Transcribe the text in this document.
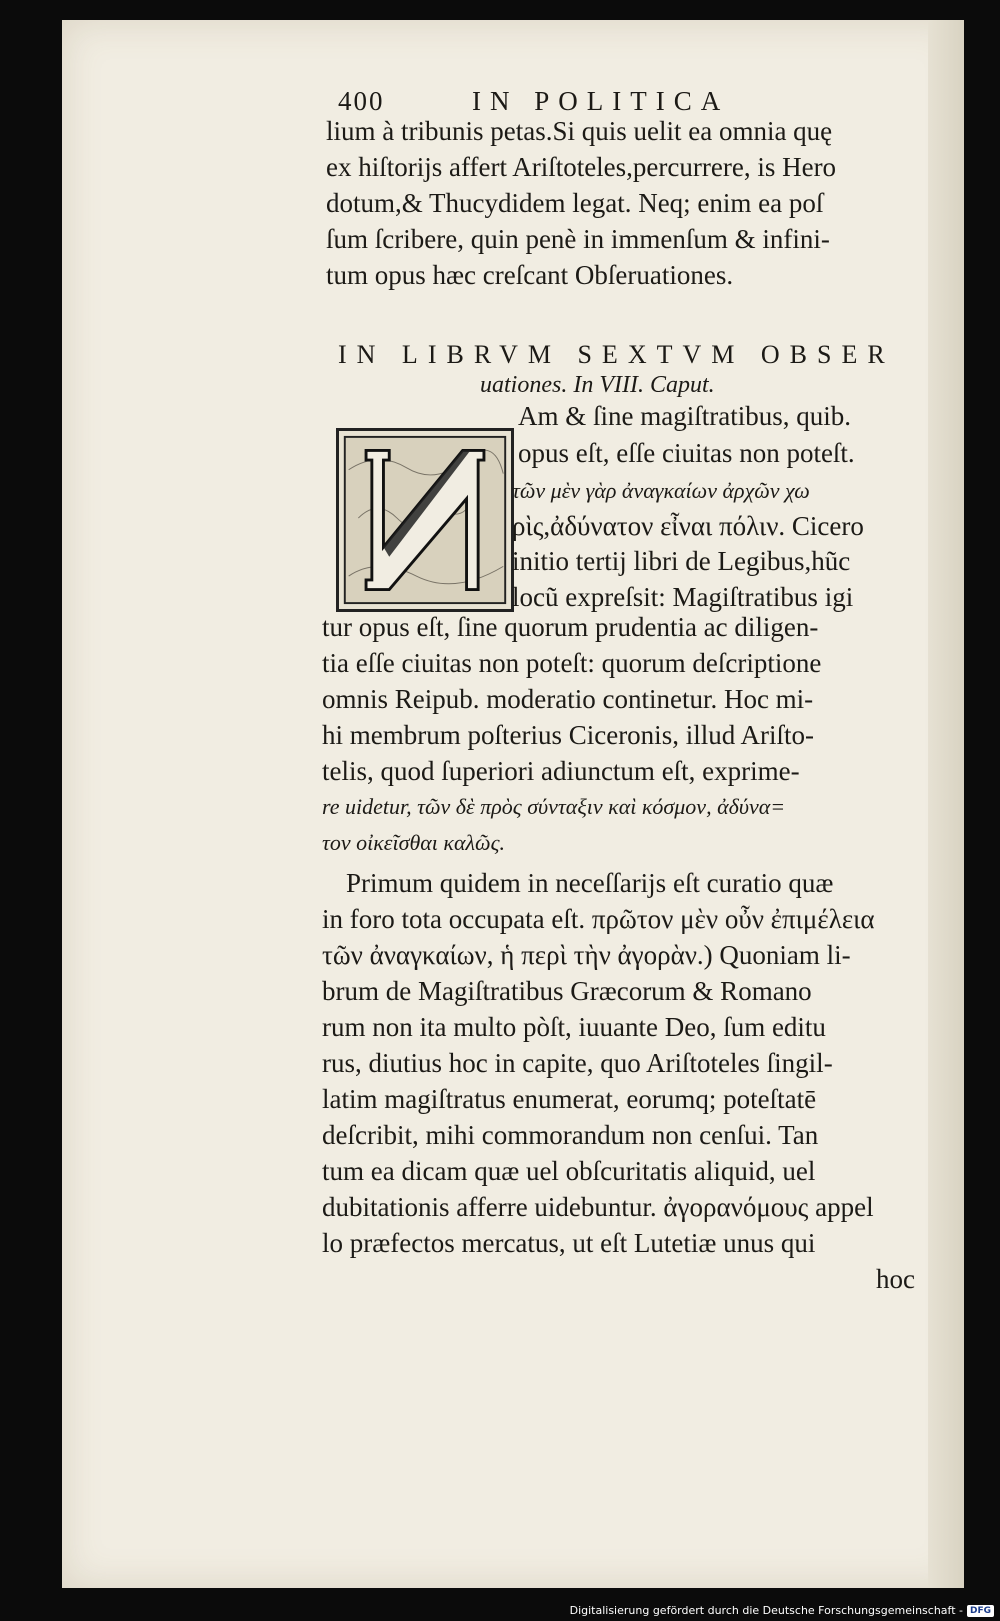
400	IN POLITICA
lium à tribunis petas.Si quis uelit ea omnia quę
ex hiſtorijs affert Ariſtoteles,percurrere, is Hero
dotum,& Thucydidem legat. Neq; enim ea poſ
ſum ſcribere, quin penè in immenſum & infini-
tum opus hæc creſcant Obſeruationes.
IN LIBRVM SEXTVM OBSER
uationes. In VIII. Caput.
Am & ſine magiſtratibus, quib.
opus eſt, eſſe ciuitas non poteſt.
τῶν μὲν γὰρ ἀναγκαίων ἀρχῶν χω
ρὶς,ἀδύνατον εἶναι πόλιν. Cicero
initio tertij libri de Legibus,hũc
locũ expreſsit: Magiſtratibus igi
tur opus eſt, ſine quorum prudentia ac diligen-
tia eſſe ciuitas non poteſt: quorum deſcriptione
omnis Reipub. moderatio continetur. Hoc mi-
hi membrum poſterius Ciceronis, illud Ariſto-
telis, quod ſuperiori adiunctum eſt, exprime-
re uidetur, τῶν δὲ πρὸς σύνταξιν καὶ κόσμον, ἀδύνα=
τον οἰκεῖσθαι καλῶς.
Primum quidem in neceſſarijs eſt curatio quæ
in foro tota occupata eſt. πρῶτον μὲν οὖν ἐπιμέλεια
τῶν ἀναγκαίων, ἡ περὶ τὴν ἀγορὰν.) Quoniam li-
brum de Magiſtratibus Græcorum & Romano
rum non ita multo pòſt, iuuante Deo, ſum editu
rus, diutius hoc in capite, quo Ariſtoteles ſingil-
latim magiſtratus enumerat, eorumq; poteſtatē
deſcribit, mihi commorandum non cenſui. Tan
tum ea dicam quæ uel obſcuritatis aliquid, uel
dubitationis afferre uidebuntur. ἀγορανόμους appel
lo præfectos mercatus, ut eſt Lutetiæ unus qui
hoc
Digitalisierung gefördert durch die Deutsche Forschungsgemeinschaft - DFG
